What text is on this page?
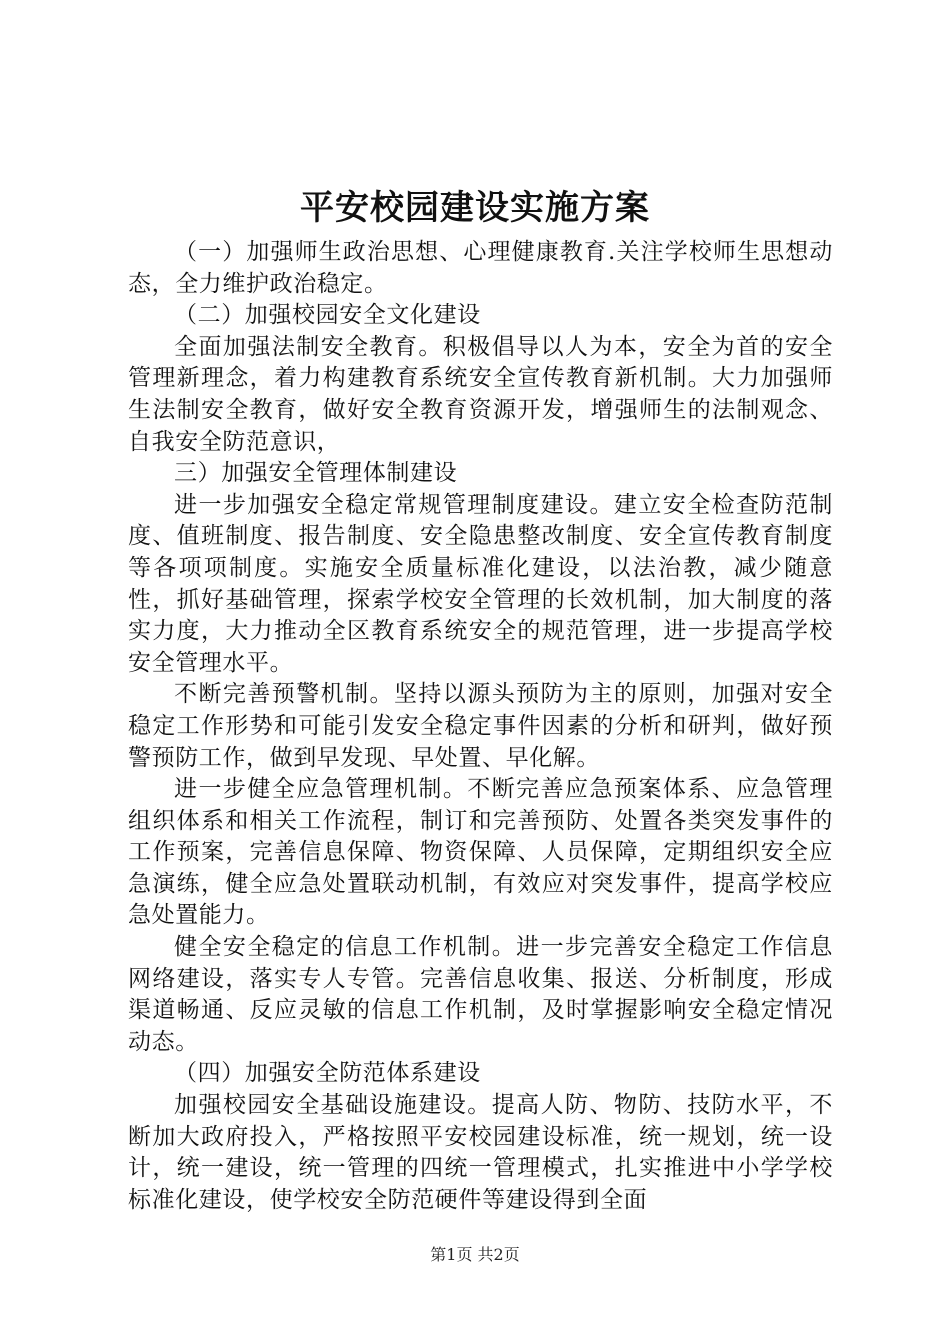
平安校园建设实施方案

（一）加强师生政治思想、心理健康教育.关注学校师生思想动态，全力维护政治稳定。

（二）加强校园安全文化建设

全面加强法制安全教育。积极倡导以人为本，安全为首的安全管理新理念，着力构建教育系统安全宣传教育新机制。大力加强师生法制安全教育，做好安全教育资源开发，增强师生的法制观念、自我安全防范意识，

三）加强安全管理体制建设

进一步加强安全稳定常规管理制度建设。建立安全检查防范制度、值班制度、报告制度、安全隐患整改制度、安全宣传教育制度等各项项制度。实施安全质量标准化建设，以法治教，减少随意性，抓好基础管理，探索学校安全管理的长效机制，加大制度的落实力度，大力推动全区教育系统安全的规范管理，进一步提高学校安全管理水平。

不断完善预警机制。坚持以源头预防为主的原则，加强对安全稳定工作形势和可能引发安全稳定事件因素的分析和研判，做好预警预防工作，做到早发现、早处置、早化解。

进一步健全应急管理机制。不断完善应急预案体系、应急管理组织体系和相关工作流程，制订和完善预防、处置各类突发事件的工作预案，完善信息保障、物资保障、人员保障，定期组织安全应急演练，健全应急处置联动机制，有效应对突发事件，提高学校应急处置能力。

健全安全稳定的信息工作机制。进一步完善安全稳定工作信息网络建设，落实专人专管。完善信息收集、报送、分析制度，形成渠道畅通、反应灵敏的信息工作机制，及时掌握影响安全稳定情况动态。

（四）加强安全防范体系建设

加强校园安全基础设施建设。提高人防、物防、技防水平，不断加大政府投入，严格按照平安校园建设标准，统一规划，统一设计，统一建设，统一管理的四统一管理模式，扎实推进中小学学校标准化建设，使学校安全防范硬件等建设得到全面

第1页 共2页
